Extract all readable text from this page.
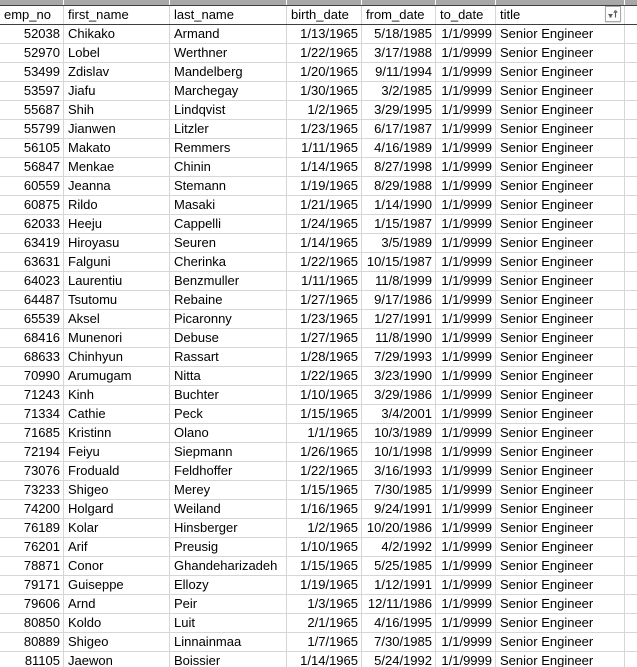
emp_no	first_name	last_name	birth_date	from_date	to_date	title
52038 Chikako	Armand	1/13/1965	5/18/1985 1/1/9999 Senior Engineer
52970 Lobel	Werthner	1/22/1965	3/17/1988 1/1/9999 Senior Engineer
53499 Zdislav	Mandelberg	1/20/1965	9/11/1994 1/1/9999 Senior Engineer
53597 Jiafu	Marchegay	1/30/1965	3/2/1985 1/1/9999 Senior Engineer
55687 Shih	Lindqvist	1/2/1965	3/29/1995 1/1/9999 Senior Engineer
55799 Jianwen	Litzler	1/23/1965	6/17/1987 1/1/9999 Senior Engineer
56105 Makato	Remmers	1/11/1965	4/16/1989 1/1/9999 Senior Engineer
56847 Menkae	Chinin	1/14/1965	8/27/1998 1/1/9999 Senior Engineer
60559 Jeanna	Stemann	1/19/1965	8/29/1988 1/1/9999 Senior Engineer
60875 Rildo	Masaki	1/21/1965	1/14/1990 1/1/9999 Senior Engineer
62033 Heeju	Cappelli	1/24/1965	1/15/1987 1/1/9999 Senior Engineer
63419 Hiroyasu	Seuren	1/14/1965	3/5/1989 1/1/9999 Senior Engineer
63631 Falguni	Cherinka	1/22/1965 10/15/1987 1/1/9999 Senior Engineer
64023 Laurentiu	Benzmuller	1/11/1965	11/8/1999 1/1/9999 Senior Engineer
64487 Tsutomu	Rebaine	1/27/1965	9/17/1986 1/1/9999 Senior Engineer
65539 Aksel	Picaronny	1/23/1965	1/27/1991 1/1/9999 Senior Engineer
68416 Munenori	Debuse	1/27/1965	11/8/1990 1/1/9999 Senior Engineer
68633 Chinhyun	Rassart	1/28/1965	7/29/1993 1/1/9999 Senior Engineer
70990 Arumugam	Nitta	1/22/1965	3/23/1990 1/1/9999 Senior Engineer
71243 Kinh	Buchter	1/10/1965	3/29/1986 1/1/9999 Senior Engineer
71334 Cathie	Peck	1/15/1965	3/4/2001 1/1/9999 Senior Engineer
71685 Kristinn	Olano	1/1/1965	10/3/1989 1/1/9999 Senior Engineer
72194 Feiyu	Siepmann	1/26/1965	10/1/1998 1/1/9999 Senior Engineer
73076 Froduald	Feldhoffer	1/22/1965	3/16/1993 1/1/9999 Senior Engineer
73233 Shigeo	Merey	1/15/1965	7/30/1985 1/1/9999 Senior Engineer
74200 Holgard	Weiland	1/16/1965	9/24/1991 1/1/9999 Senior Engineer
76189 Kolar	Hinsberger	1/2/1965 10/20/1986 1/1/9999 Senior Engineer
76201 Arif	Preusig	1/10/1965	4/2/1992 1/1/9999 Senior Engineer
78871 Conor	Ghandeharizadeh	1/15/1965	5/25/1985 1/1/9999 Senior Engineer
79171 Guiseppe	Ellozy	1/19/1965	1/12/1991 1/1/9999 Senior Engineer
79606 Arnd	Peir	1/3/1965 12/11/1986 1/1/9999 Senior Engineer
80850 Koldo	Luit	2/1/1965	4/16/1995 1/1/9999 Senior Engineer
80889 Shigeo	Linnainmaa	1/7/1965	7/30/1985 1/1/9999 Senior Engineer
81105 Jaewon	Boissier	1/14/1965	5/24/1992 1/1/9999 Senior Engineer
